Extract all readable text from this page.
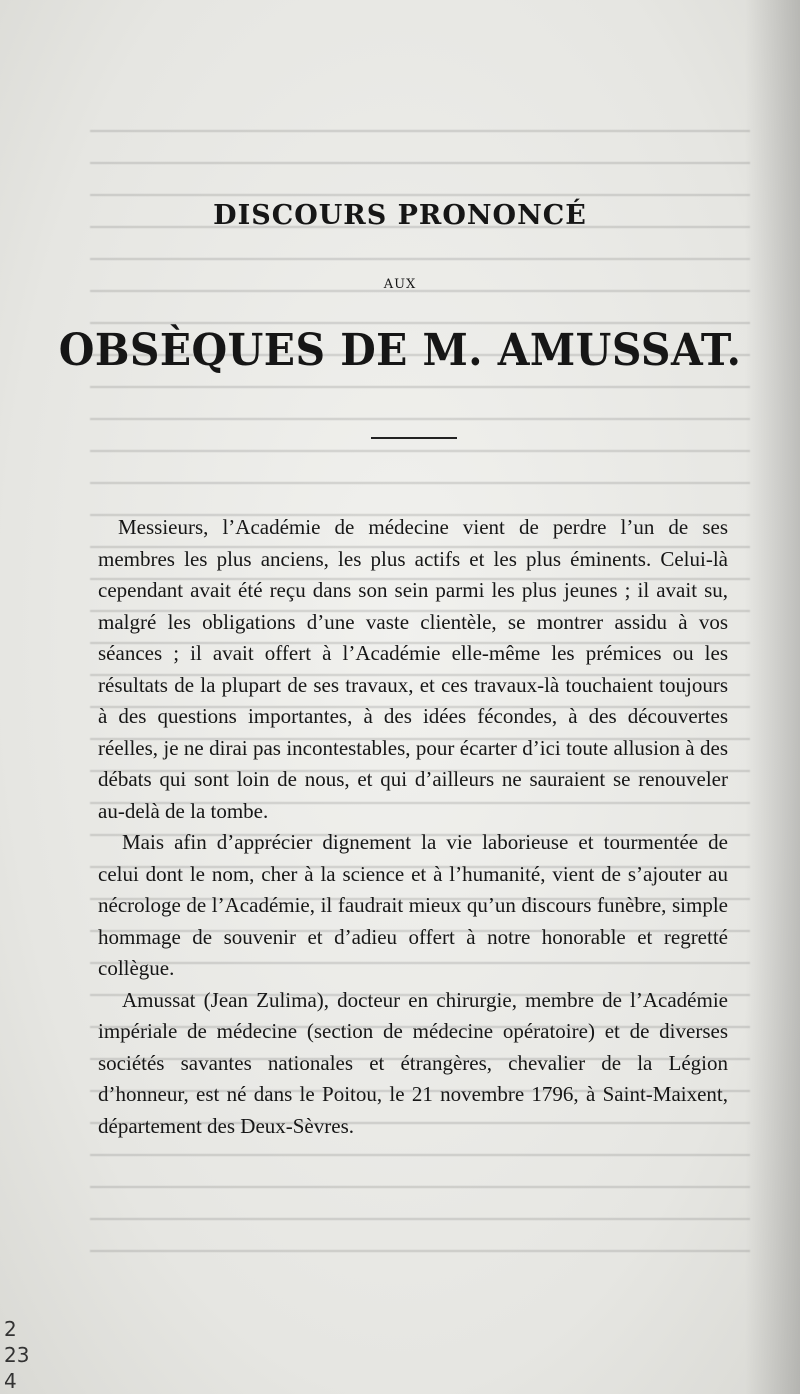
DISCOURS PRONONCÉ
AUX
OBSÈQUES DE M. AMUSSAT.

Messieurs, l’Académie de médecine vient de perdre l’un de ses membres les plus anciens, les plus actifs et les plus éminents. Celui-là cependant avait été reçu dans son sein parmi les plus jeunes ; il avait su, malgré les obligations d’une vaste clientèle, se montrer assidu à vos séances ; il avait offert à l’Académie elle-même les prémices ou les résultats de la plupart de ses travaux, et ces travaux-là touchaient toujours à des questions importantes, à des idées fécondes, à des découvertes réelles, je ne dirai pas incontestables, pour écarter d’ici toute allusion à des débats qui sont loin de nous, et qui d’ailleurs ne sauraient se renouveler au-delà de la tombe.

Mais afin d’apprécier dignement la vie laborieuse et tourmentée de celui dont le nom, cher à la science et à l’humanité, vient de s’ajouter au nécrologe de l’Académie, il faudrait mieux qu’un discours funèbre, simple hommage de souvenir et d’adieu offert à notre honorable et regretté collègue.

Amussat (Jean Zulima), docteur en chirurgie, membre de l’Académie impériale de médecine (section de médecine opératoire) et de diverses sociétés savantes nationales et étrangères, chevalier de la Légion d’honneur, est né dans le Poitou, le 21 novembre 1796, à Saint-Maixent, département des Deux-Sèvres.

2
23
4
